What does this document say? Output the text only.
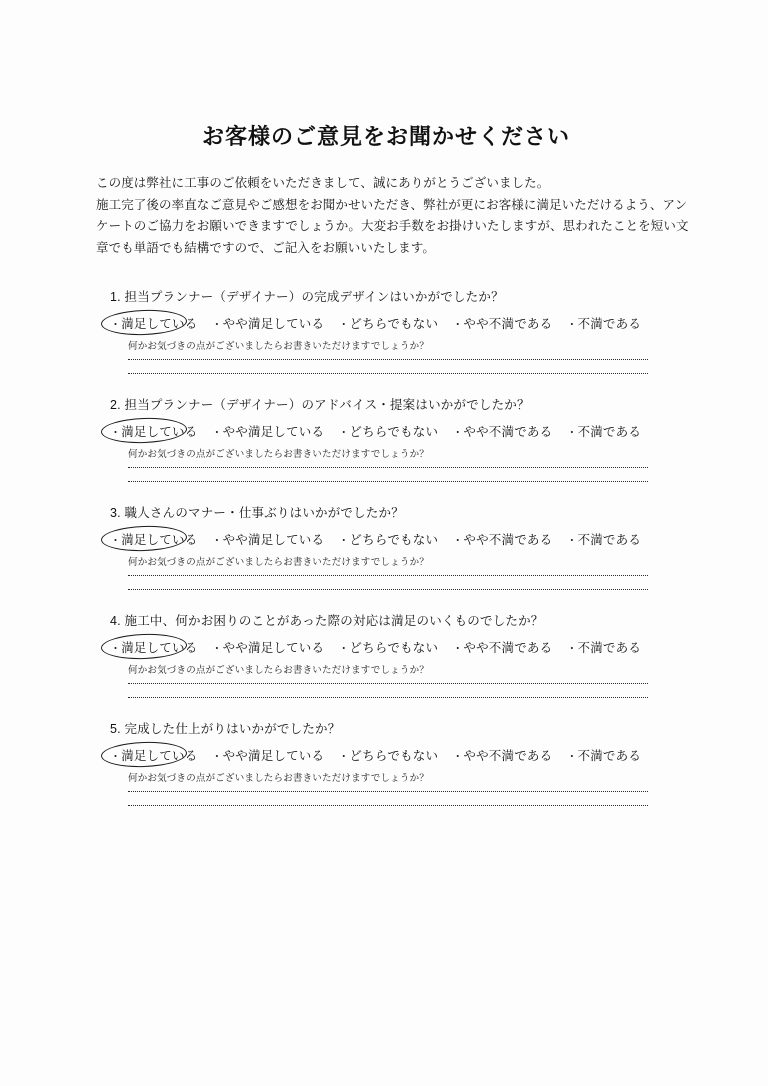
お客様のご意見をお聞かせください
この度は弊社に工事のご依頼をいただきまして、誠にありがとうございました。
施工完了後の率直なご意見やご感想をお聞かせいただき、弊社が更にお客様に満足いただけるよう、アン
ケートのご協力をお願いできますでしょうか。大変お手数をお掛けいたしますが、思われたことを短い文
章でも単語でも結構ですので、ご記入をお願いいたします。
1. 担当プランナー（デザイナー）の完成デザインはいかがでしたか？
・満足している ・やや満足している ・どちらでもない ・やや不満である ・不満である
何かお気づきの点がございましたらお書きいただけますでしょうか？
2. 担当プランナー（デザイナー）のアドバイス・提案はいかがでしたか？
・満足している ・やや満足している ・どちらでもない ・やや不満である ・不満である
何かお気づきの点がございましたらお書きいただけますでしょうか？
3. 職人さんのマナー・仕事ぶりはいかがでしたか？
・満足している ・やや満足している ・どちらでもない ・やや不満である ・不満である
何かお気づきの点がございましたらお書きいただけますでしょうか？
4. 施工中、何かお困りのことがあった際の対応は満足のいくものでしたか？
・満足している ・やや満足している ・どちらでもない ・やや不満である ・不満である
何かお気づきの点がございましたらお書きいただけますでしょうか？
5. 完成した仕上がりはいかがでしたか？
・満足している ・やや満足している ・どちらでもない ・やや不満である ・不満である
何かお気づきの点がございましたらお書きいただけますでしょうか？
